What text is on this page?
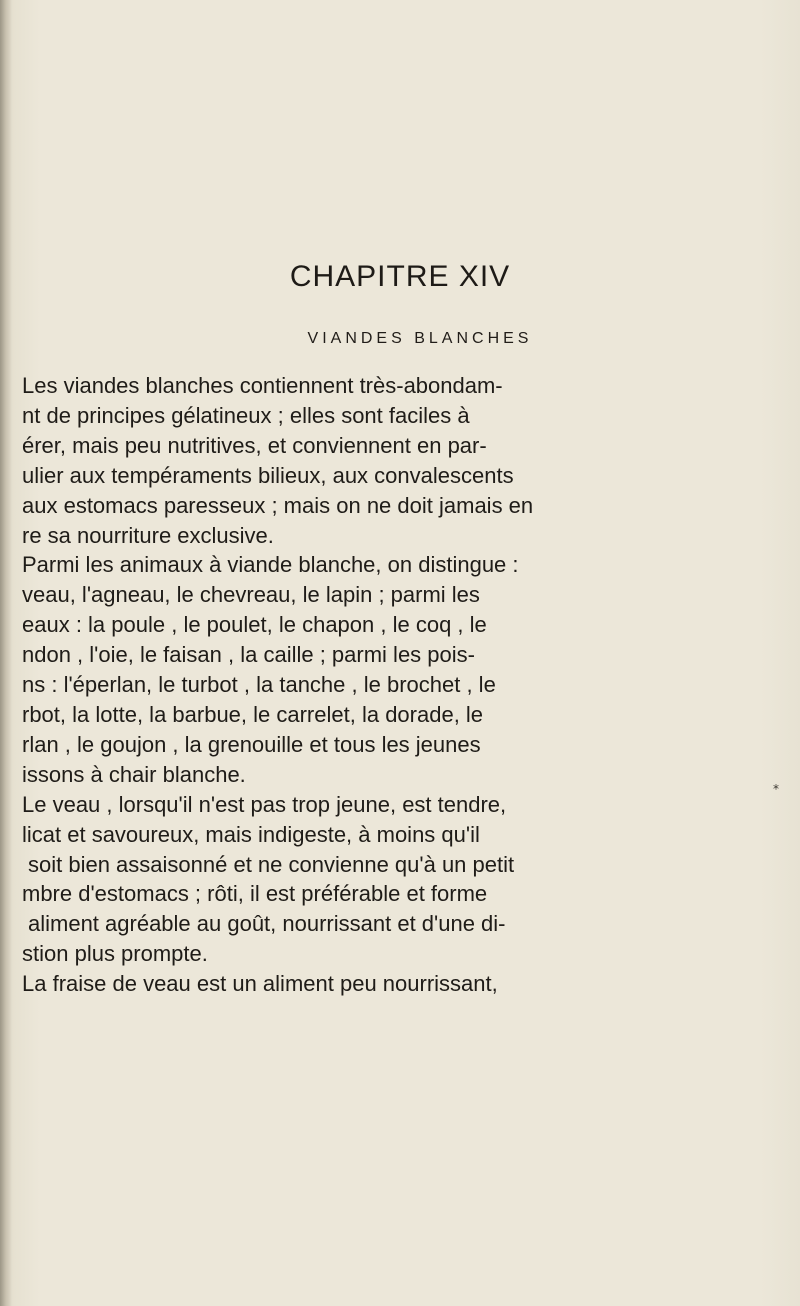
CHAPITRE XIV
VIANDES BLANCHES
Les viandes blanches contiennent très-abondam-
nt de principes gélatineux ; elles sont faciles à
érer, mais peu nutritives, et conviennent en par-
ulier aux tempéraments bilieux, aux convalescents
aux estomacs paresseux ; mais on ne doit jamais en
re sa nourriture exclusive.
Parmi les animaux à viande blanche, on distingue :
veau, l'agneau, le chevreau, le lapin ; parmi les
eaux : la poule , le poulet, le chapon , le coq , le
ndon , l'oie, le faisan , la caille ; parmi les pois-
ns : l'éperlan, le turbot , la tanche , le brochet , le
rbot, la lotte, la barbue, le carrelet, la dorade, le
rlan , le goujon , la grenouille et tous les jeunes
issons à chair blanche.
Le veau , lorsqu'il n'est pas trop jeune, est tendre,
licat et savoureux, mais indigeste, à moins qu'il
soit bien assaisonné et ne convienne qu'à un petit
mbre d'estomacs ; rôti, il est préférable et forme
aliment agréable au goût, nourrissant et d'une di-
stion plus prompte.
La fraise de veau est un aliment peu nourrissant,
*
